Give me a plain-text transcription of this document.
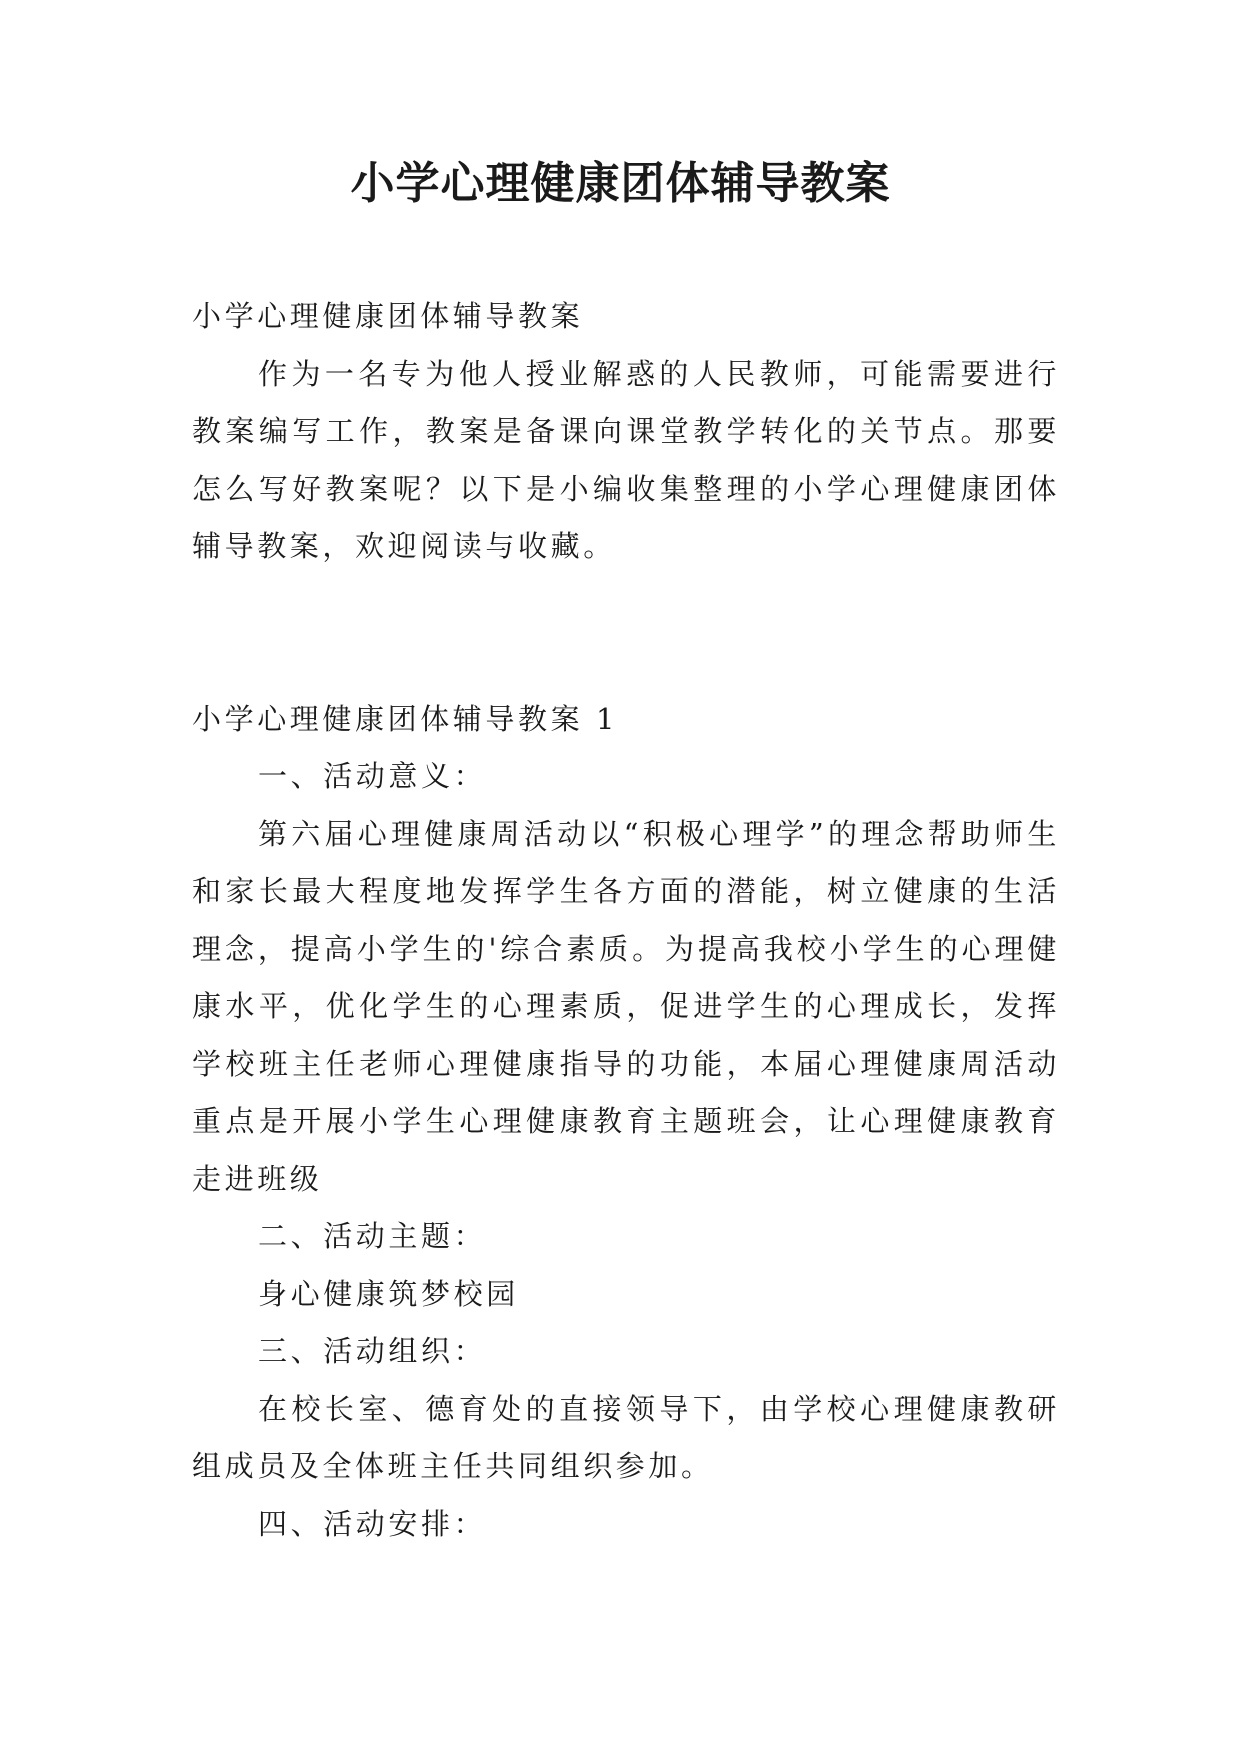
小学心理健康团体辅导教案

小学心理健康团体辅导教案

作为一名专为他人授业解惑的人民教师，可能需要进行教案编写工作，教案是备课向课堂教学转化的关节点。那要怎么写好教案呢？以下是小编收集整理的小学心理健康团体辅导教案，欢迎阅读与收藏。

小学心理健康团体辅导教案 1

一、活动意义：

第六届心理健康周活动以“积极心理学”的理念帮助师生和家长最大程度地发挥学生各方面的潜能，树立健康的生活理念，提高小学生的'综合素质。为提高我校小学生的心理健康水平，优化学生的心理素质，促进学生的心理成长，发挥学校班主任老师心理健康指导的功能，本届心理健康周活动重点是开展小学生心理健康教育主题班会，让心理健康教育走进班级

二、活动主题：

身心健康筑梦校园

三、活动组织：

在校长室、德育处的直接领导下，由学校心理健康教研组成员及全体班主任共同组织参加。

四、活动安排：
